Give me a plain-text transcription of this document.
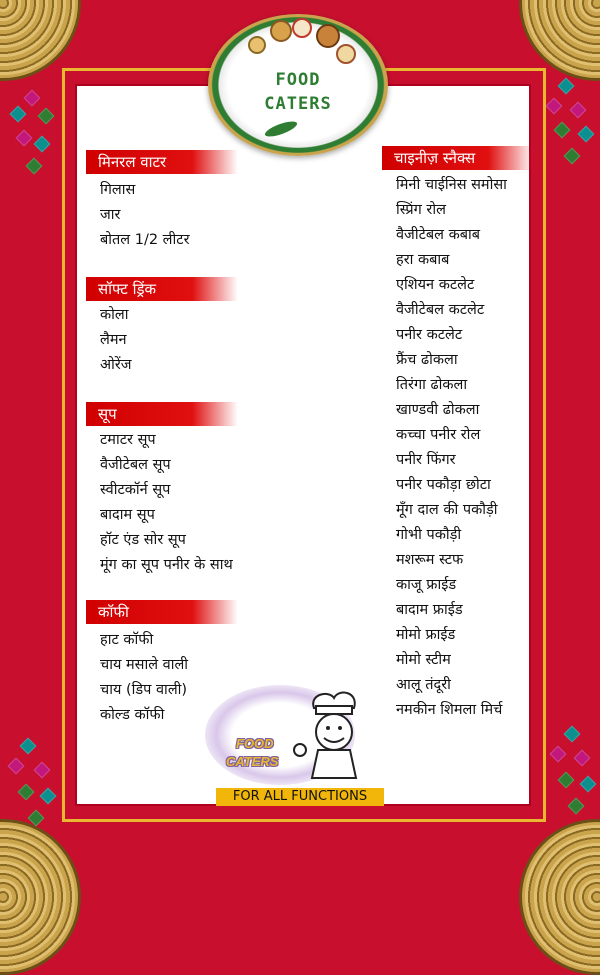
FOOD
CATERS
मिनरल वाटर
गिलास
जार
बोतल 1/2 लीटर
सॉफ्ट ड्रिंक
कोला
लैमन
ओरेंज
सूप
टमाटर सूप
वैजीटेबल सूप
स्वीटकॉर्न सूप
बादाम सूप
हॉट एंड सोर सूप
मूंग का सूप पनीर के साथ
कॉफी
हाट कॉफी
चाय मसाले वाली
चाय (डिप वाली)
कोल्ड कॉफी
चाइनीज़ स्नैक्स
मिनी चाईनिस समोसा
स्प्रिंग रोल
वैजीटेबल कबाब
हरा कबाब
एशियन कटलेट
वैजीटेबल कटलेट
पनीर कटलेट
फ्रैंच ढोकला
तिरंगा ढोकला
खाण्डवी ढोकला
कच्चा पनीर रोल
पनीर फिंगर
पनीर पकौड़ा छोटा
मूँग दाल की पकौड़ी
गोभी पकौड़ी
मशरूम स्टफ
काजू फ्राईड
बादाम फ्राईड
मोमो फ्राईड
मोमो स्टीम
आलू तंदूरी
नमकीन शिमला मिर्च
FOOD
CATERS
FOR ALL FUNCTIONS
